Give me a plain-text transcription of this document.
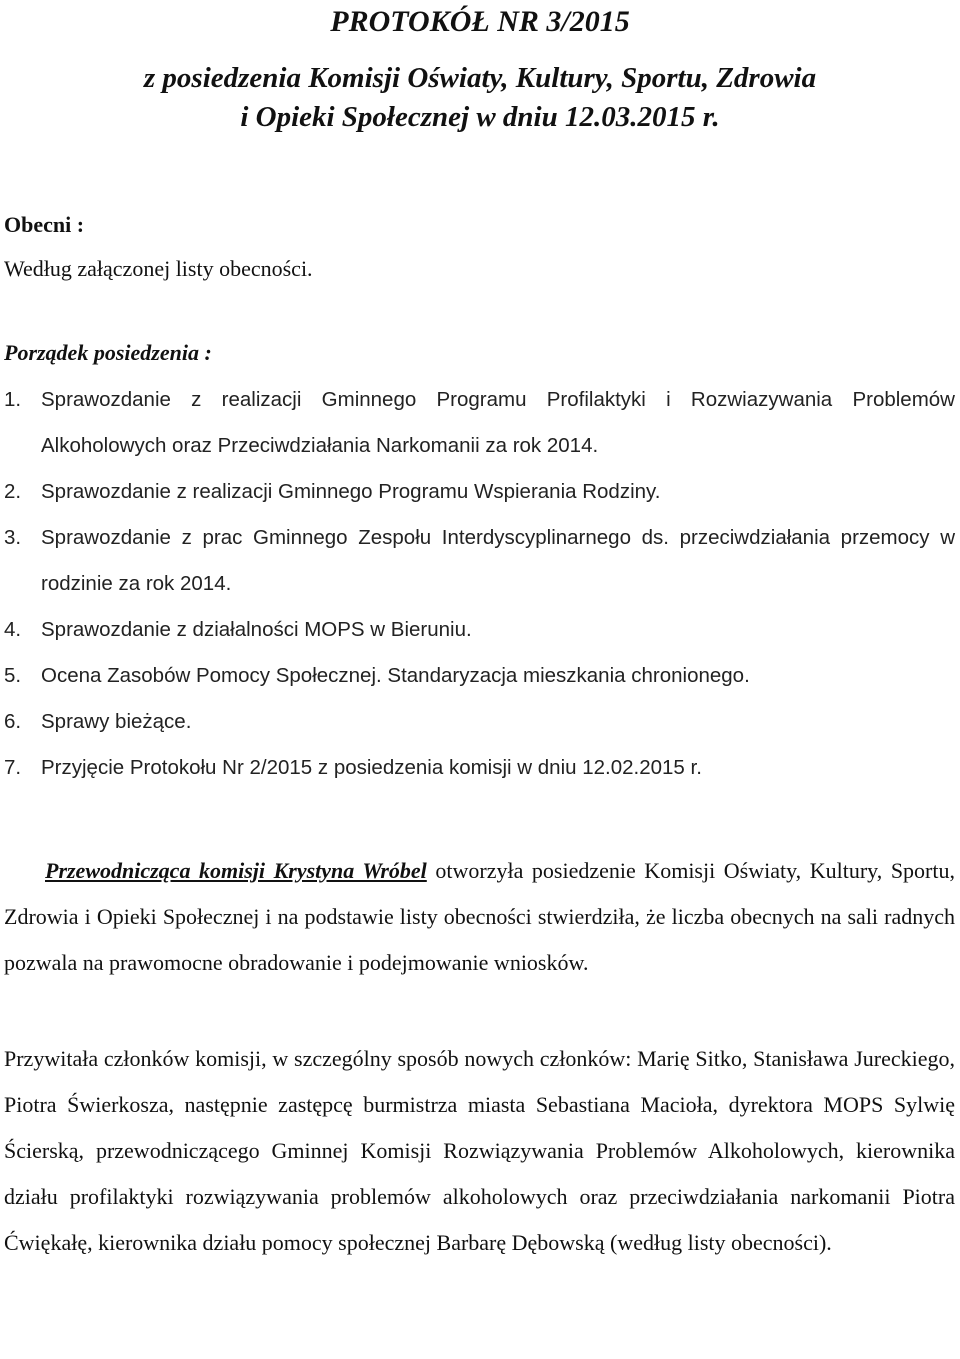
PROTOKÓŁ NR 3/2015

z posiedzenia Komisji Oświaty, Kultury, Sportu, Zdrowia

i Opieki Społecznej w dniu 12.03.2015 r.

Obecni :

Według załączonej listy obecności.

Porządek posiedzenia :

1. Sprawozdanie z realizacji Gminnego Programu Profilaktyki i Rozwiazywania Problemów Alkoholowych oraz Przeciwdziałania Narkomanii za rok 2014.
2. Sprawozdanie z realizacji Gminnego Programu Wspierania Rodziny.
3. Sprawozdanie z prac Gminnego Zespołu Interdyscyplinarnego ds. przeciwdziałania przemocy w rodzinie za rok 2014.
4. Sprawozdanie z działalności MOPS w Bieruniu.
5. Ocena Zasobów Pomocy Społecznej. Standaryzacja mieszkania chronionego.
6. Sprawy bieżące.
7. Przyjęcie Protokołu Nr 2/2015 z posiedzenia komisji w dniu 12.02.2015 r.

Przewodnicząca komisji Krystyna Wróbel otworzyła posiedzenie Komisji Oświaty, Kultury, Sportu, Zdrowia i Opieki Społecznej i na podstawie listy obecności stwierdziła, że liczba obecnych na sali radnych pozwala na prawomocne obradowanie i podejmowanie wniosków.

Przywitała członków komisji, w szczególny sposób nowych członków: Marię Sitko, Stanisława Jureckiego, Piotra Świerkosza, następnie zastępcę burmistrza miasta Sebastiana Macioła, dyrektora MOPS Sylwię Ścierską, przewodniczącego Gminnej Komisji Rozwiązywania Problemów Alkoholowych, kierownika działu profilaktyki rozwiązywania problemów alkoholowych oraz przeciwdziałania narkomanii Piotra Ćwiękałę, kierownika działu pomocy społecznej Barbarę Dębowską (według listy obecności).
